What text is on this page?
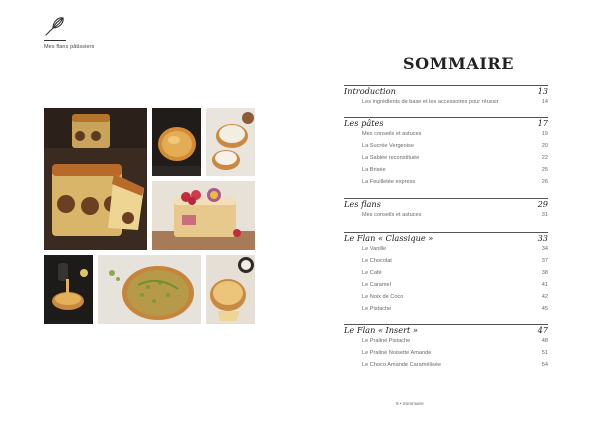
Mes flans pâtissiers
SOMMAIRE
Introduction	13
Les ingrédients de base et les accessoires pour réussir	14
Les pâtes	17
Mes conseils et astuces	19
La Sucrée Vergeoise	20
La Sablée reconstituée	22
La Brisée	25
La Feuilletée express	26
Les flans	29
Mes conseils et astuces	31
Le Flan « Classique »	33
Le Vanille	34
Le Chocolat	37
Le Café	38
Le Caramel	41
Le Noix de Coco	42
Le Pistache	45
Le Flan « Insert »	47
Le Praliné Pistache	48
Le Praliné Noisette Amande	51
Le Choco Amande Caramélisée	54
9 • Sommaire
